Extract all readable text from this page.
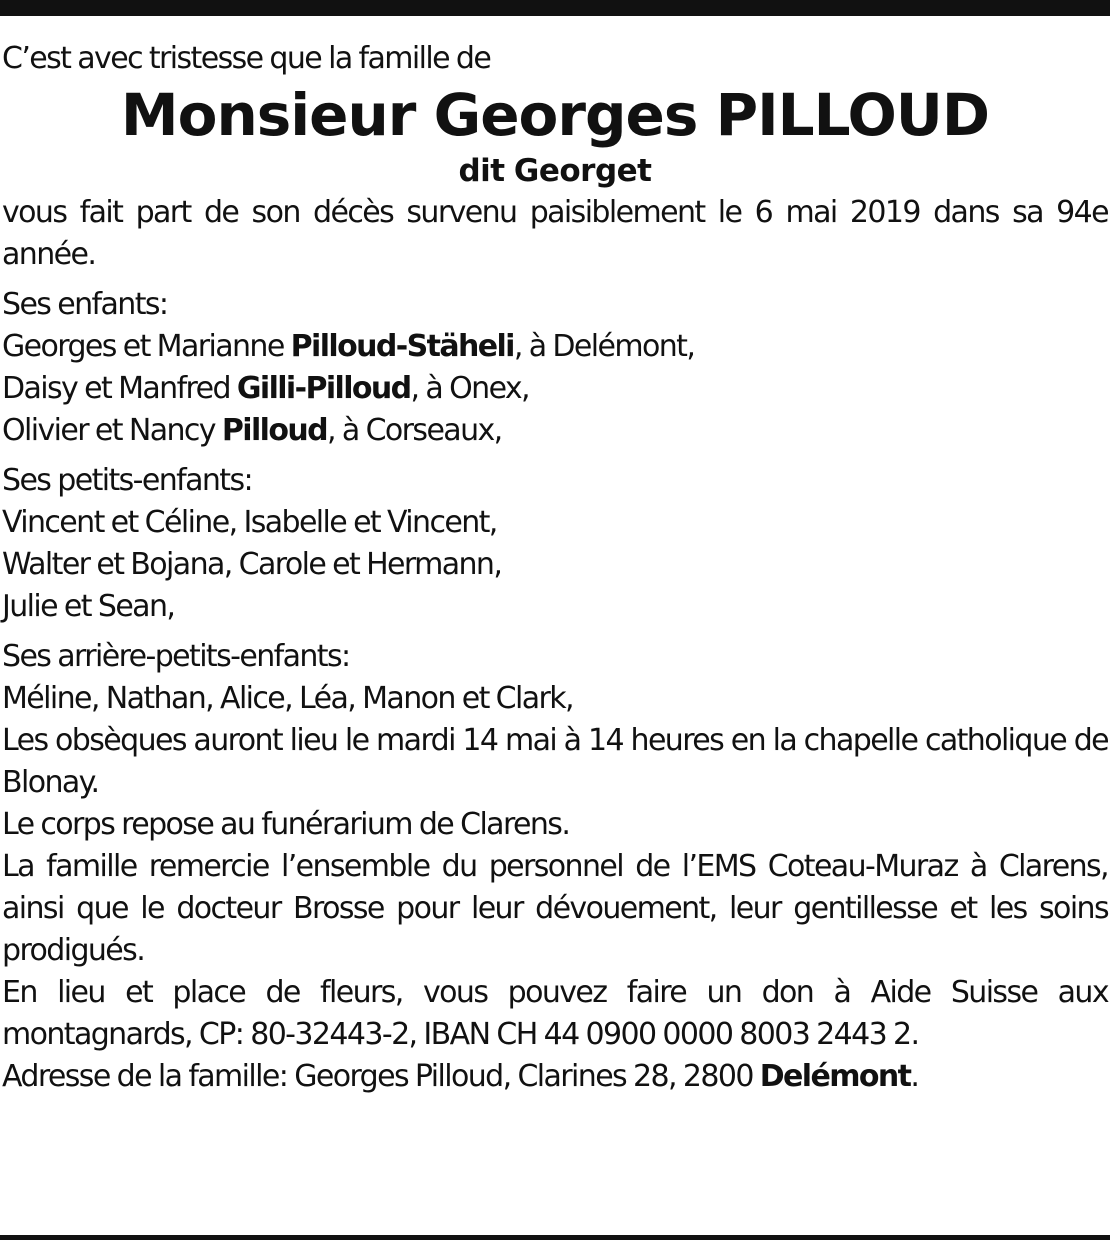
C’est avec tristesse que la famille de

Monsieur Georges PILLOUD

dit Georget

vous fait part de son décès survenu paisiblement le 6 mai 2019 dans sa 94e année.

Ses enfants:
Georges et Marianne Pilloud-Stäheli, à Delémont,
Daisy et Manfred Gilli-Pilloud, à Onex,
Olivier et Nancy Pilloud, à Corseaux,
Ses petits-enfants:
Vincent et Céline, Isabelle et Vincent,
Walter et Bojana, Carole et Hermann,
Julie et Sean,
Ses arrière-petits-enfants:
Méline, Nathan, Alice, Léa, Manon et Clark,

Les obsèques auront lieu le mardi 14 mai à 14 heures en la chapelle catholique de Blonay.

Le corps repose au funérarium de Clarens.

La famille remercie l’ensemble du personnel de l’EMS Coteau-Muraz à Clarens, ainsi que le docteur Brosse pour leur dévouement, leur gentillesse et les soins prodigués.

En lieu et place de fleurs, vous pouvez faire un don à Aide Suisse aux montagnards, CP: 80-32443-2, IBAN CH 44 0900 0000 8003 2443 2.

Adresse de la famille: Georges Pilloud, Clarines 28, 2800 Delémont.
